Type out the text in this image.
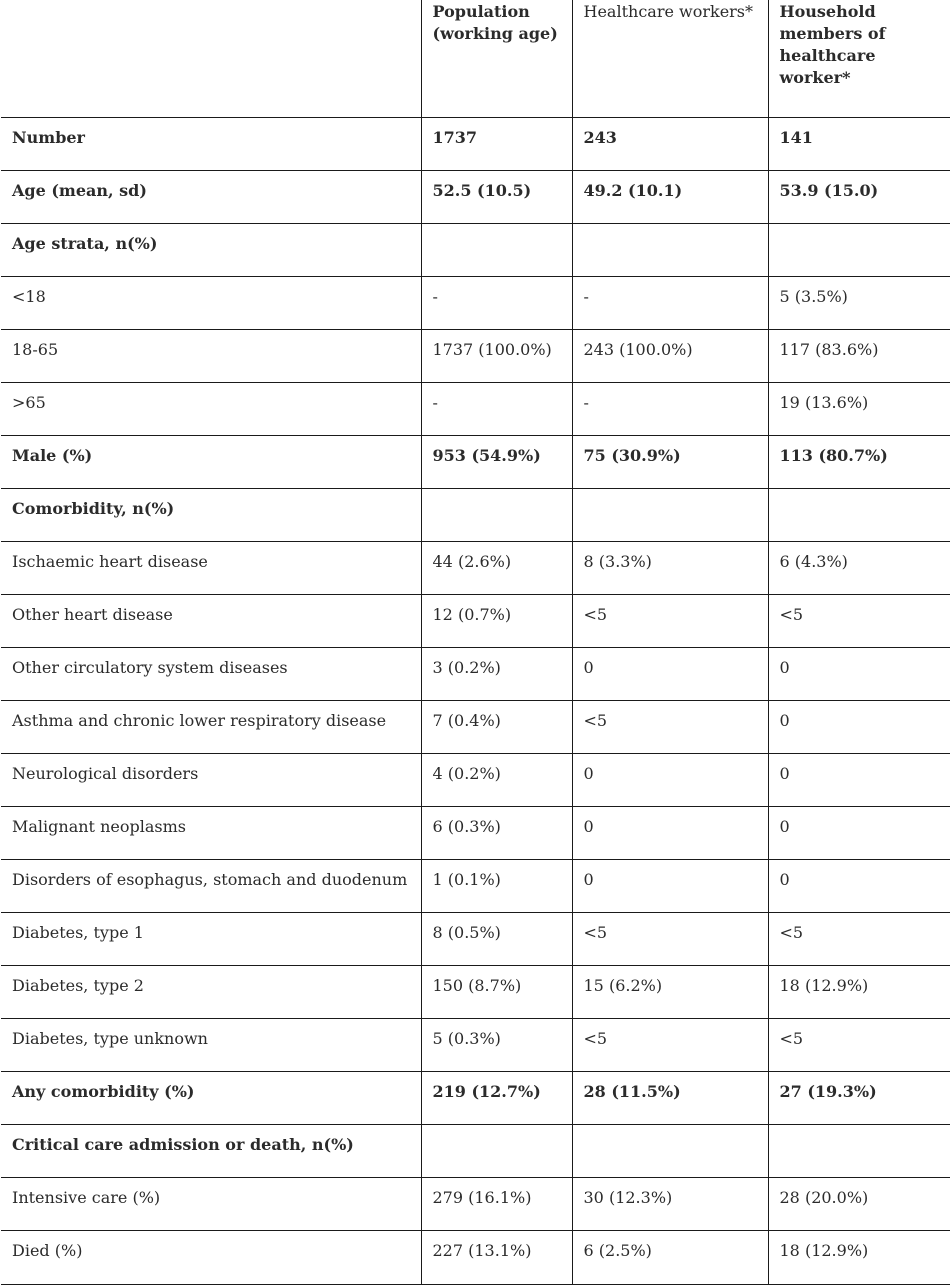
	Population (working age)	Healthcare workers*	Household members of healthcare worker*
Number	1737	243	141
Age (mean, sd)	52.5 (10.5)	49.2 (10.1)	53.9 (15.0)
Age strata, n(%)			
<18	-	-	5 (3.5%)
18-65	1737 (100.0%)	243 (100.0%)	117 (83.6%)
>65	-	-	19 (13.6%)
Male (%)	953 (54.9%)	75 (30.9%)	113 (80.7%)
Comorbidity, n(%)			
Ischaemic heart disease	44 (2.6%)	8 (3.3%)	6 (4.3%)
Other heart disease	12 (0.7%)	<5	<5
Other circulatory system diseases	3 (0.2%)	0	0
Asthma and chronic lower respiratory disease	7 (0.4%)	<5	0
Neurological disorders	4 (0.2%)	0	0
Malignant neoplasms	6 (0.3%)	0	0
Disorders of esophagus, stomach and duodenum	1 (0.1%)	0	0
Diabetes, type 1	8 (0.5%)	<5	<5
Diabetes, type 2	150 (8.7%)	15 (6.2%)	18 (12.9%)
Diabetes, type unknown	5 (0.3%)	<5	<5
Any comorbidity (%)	219 (12.7%)	28 (11.5%)	27 (19.3%)
Critical care admission or death, n(%)			
Intensive care (%)	279 (16.1%)	30 (12.3%)	28 (20.0%)
Died (%)	227 (13.1%)	6 (2.5%)	18 (12.9%)
